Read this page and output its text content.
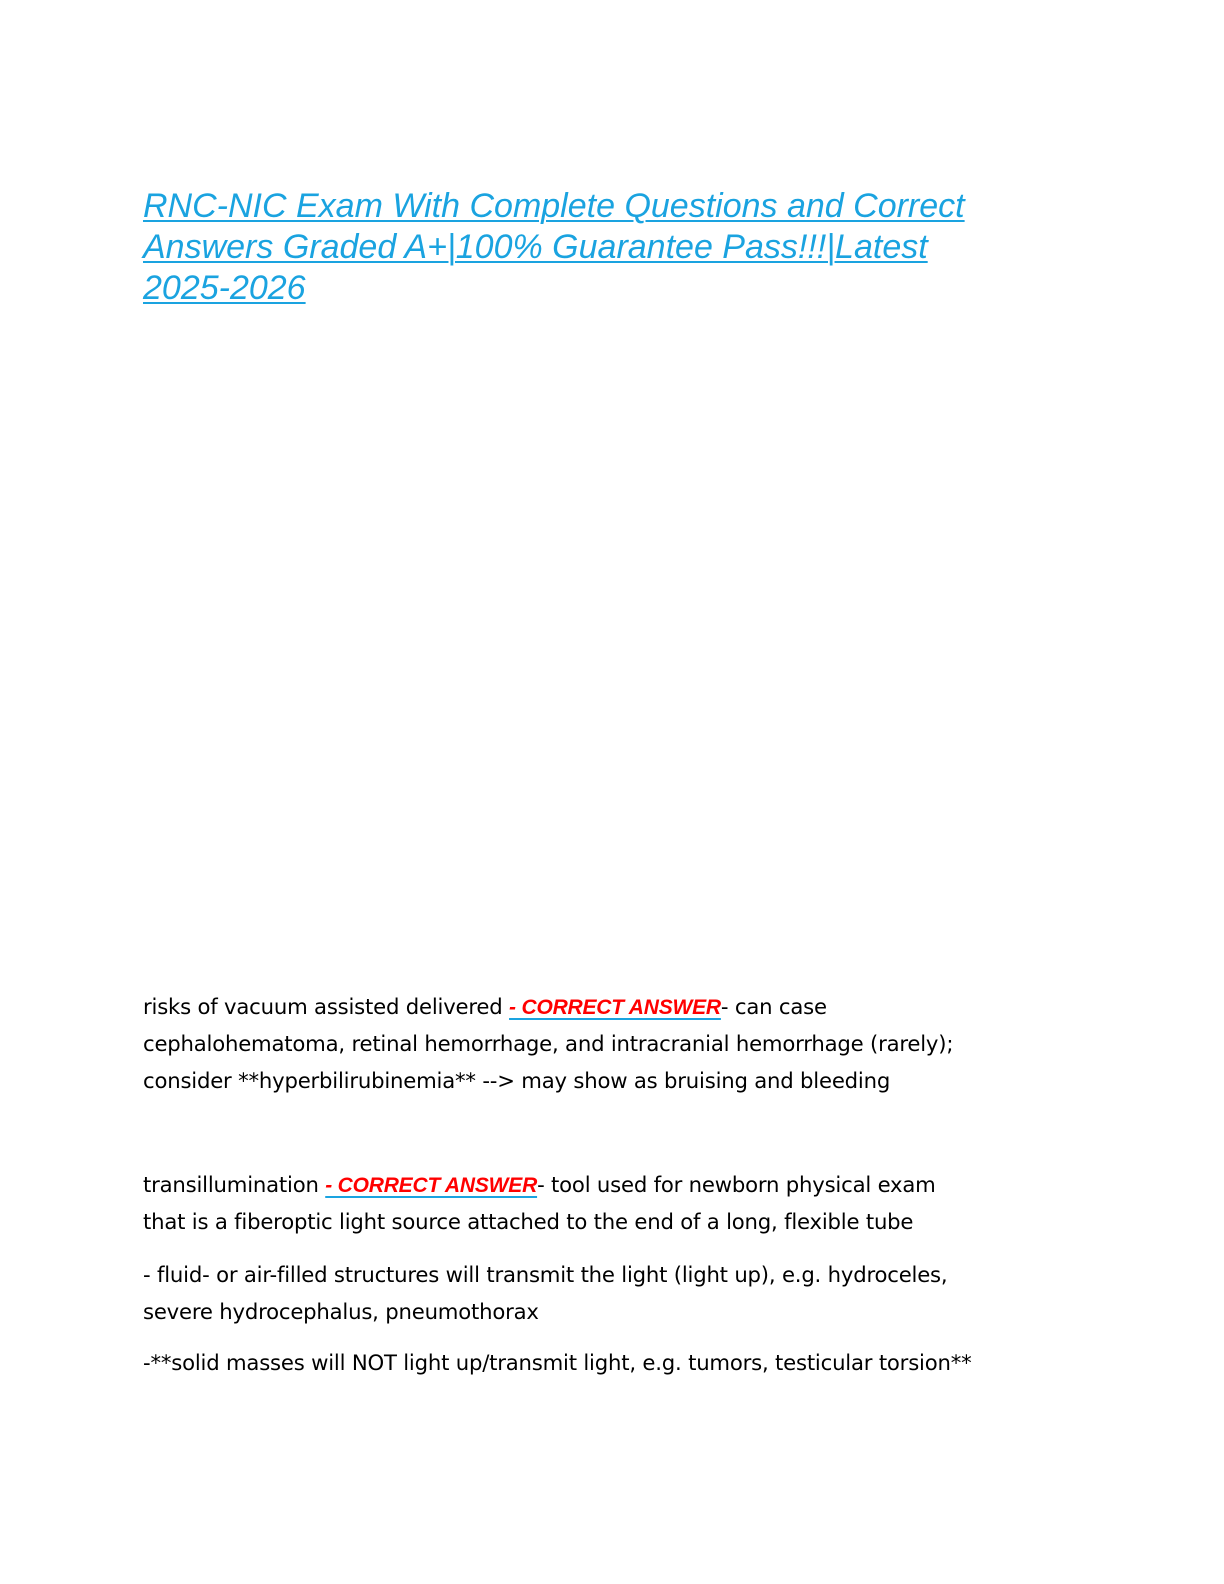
RNC-NIC Exam With Complete Questions and Correct
Answers Graded A+|100% Guarantee Pass!!!|Latest
2025-2026

risks of vacuum assisted delivered - CORRECT ANSWER- can case

cephalohematoma, retinal hemorrhage, and intracranial hemorrhage (rarely);

consider **hyperbilirubinemia** --> may show as bruising and bleeding

transillumination - CORRECT ANSWER- tool used for newborn physical exam

that is a fiberoptic light source attached to the end of a long, flexible tube

- fluid- or air-filled structures will transmit the light (light up), e.g. hydroceles,

severe hydrocephalus, pneumothorax

-**solid masses will NOT light up/transmit light, e.g. tumors, testicular torsion**
